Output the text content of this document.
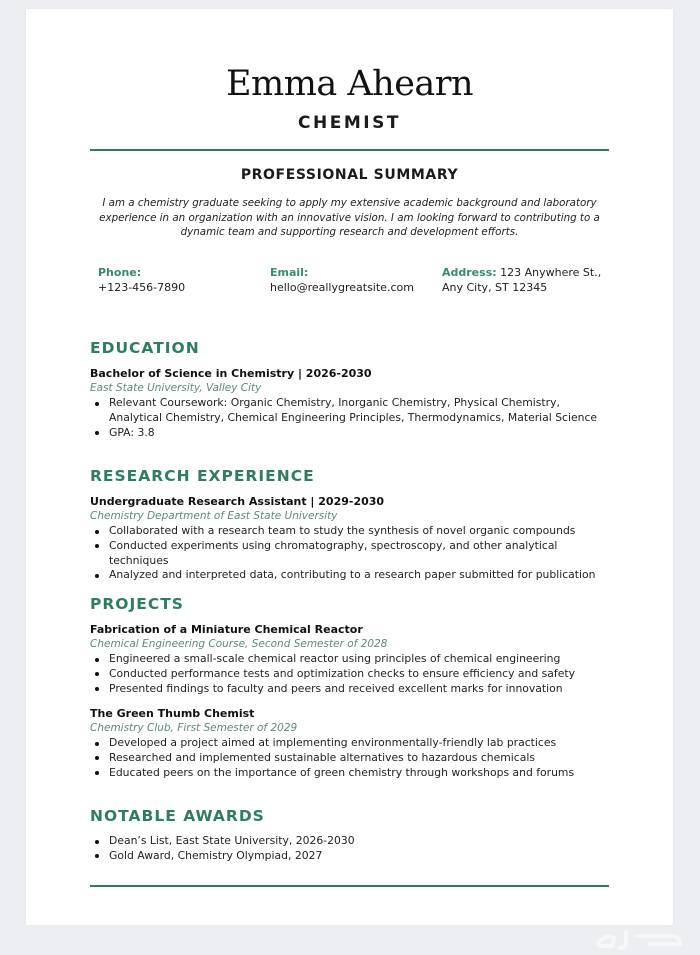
Emma Ahearn
CHEMIST
PROFESSIONAL SUMMARY
I am a chemistry graduate seeking to apply my extensive academic background and laboratory experience in an organization with an innovative vision. I am looking forward to contributing to a dynamic team and supporting research and development efforts.
Phone:
+123-456-7890
Email:
hello@reallygreatsite.com
Address: 123 Anywhere St.,
Any City, ST 12345
EDUCATION
Bachelor of Science in Chemistry | 2026-2030
East State University, Valley City
Relevant Coursework: Organic Chemistry, Inorganic Chemistry, Physical Chemistry, Analytical Chemistry, Chemical Engineering Principles, Thermodynamics, Material Science
GPA: 3.8
RESEARCH EXPERIENCE
Undergraduate Research Assistant | 2029-2030
Chemistry Department of East State University
Collaborated with a research team to study the synthesis of novel organic compounds
Conducted experiments using chromatography, spectroscopy, and other analytical techniques
Analyzed and interpreted data, contributing to a research paper submitted for publication
PROJECTS
Fabrication of a Miniature Chemical Reactor
Chemical Engineering Course, Second Semester of 2028
Engineered a small-scale chemical reactor using principles of chemical engineering
Conducted performance tests and optimization checks to ensure efficiency and safety
Presented findings to faculty and peers and received excellent marks for innovation
The Green Thumb Chemist
Chemistry Club, First Semester of 2029
Developed a project aimed at implementing environmentally-friendly lab practices
Researched and implemented sustainable alternatives to hazardous chemicals
Educated peers on the importance of green chemistry through workshops and forums
NOTABLE AWARDS
Dean’s List, East State University, 2026-2030
Gold Award, Chemistry Olympiad, 2027
